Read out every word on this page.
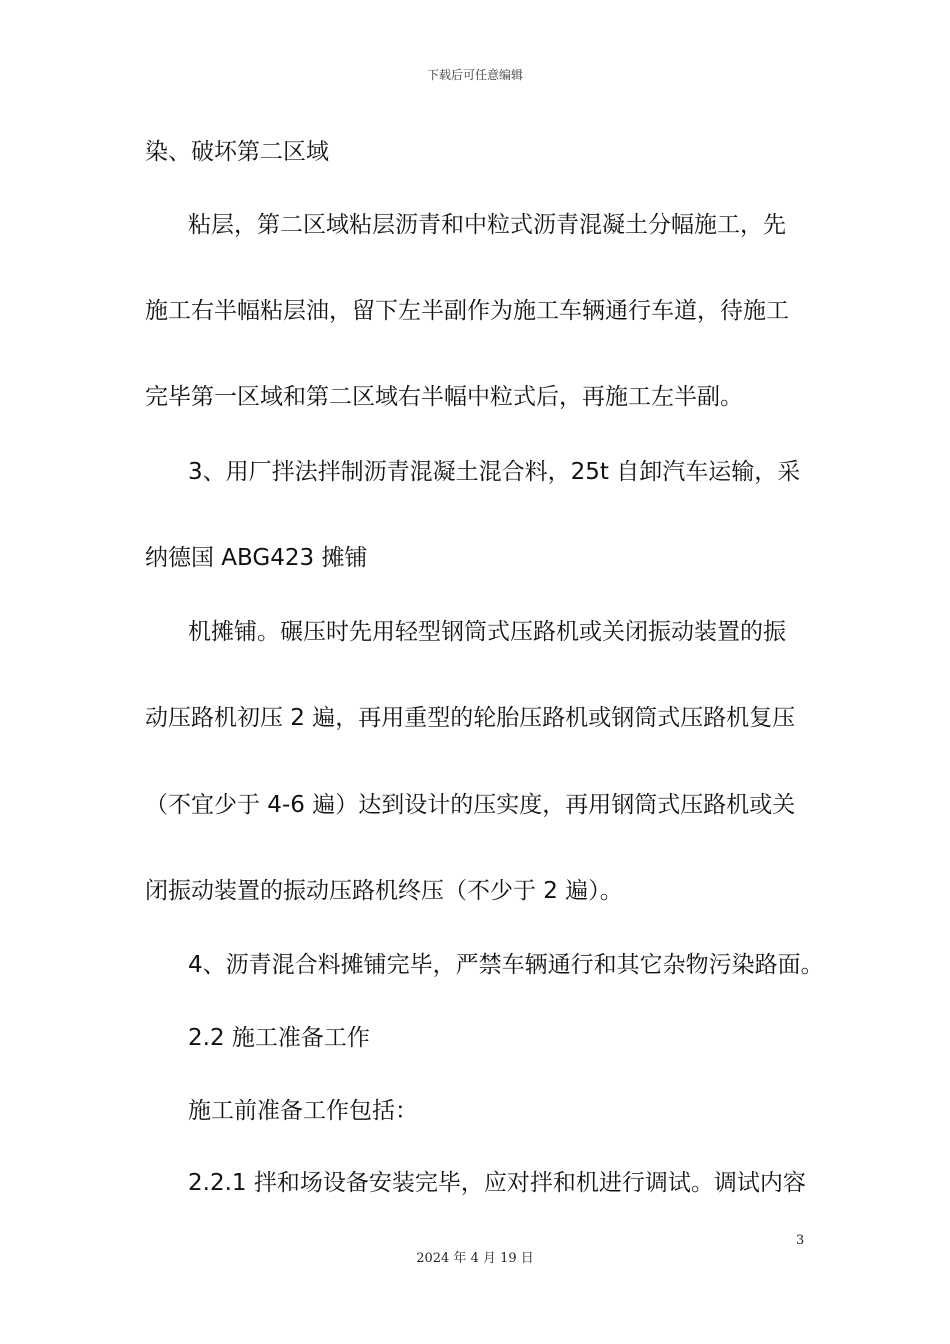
下载后可任意编辑
染、破坏第二区域
粘层，第二区域粘层沥青和中粒式沥青混凝土分幅施工，先
施工右半幅粘层油，留下左半副作为施工车辆通行车道，待施工
完毕第一区域和第二区域右半幅中粒式后，再施工左半副。
3、用厂拌法拌制沥青混凝土混合料，25t 自卸汽车运输，采
纳德国 ABG423 摊铺
机摊铺。碾压时先用轻型钢筒式压路机或关闭振动装置的振
动压路机初压 2 遍，再用重型的轮胎压路机或钢筒式压路机复压
（不宜少于 4-6 遍）达到设计的压实度，再用钢筒式压路机或关
闭振动装置的振动压路机终压（不少于 2 遍）。
4、沥青混合料摊铺完毕，严禁车辆通行和其它杂物污染路面。
2.2 施工准备工作
施工前准备工作包括：
2.2.1 拌和场设备安装完毕，应对拌和机进行调试。调试内容
3
2024 年 4 月 19 日
